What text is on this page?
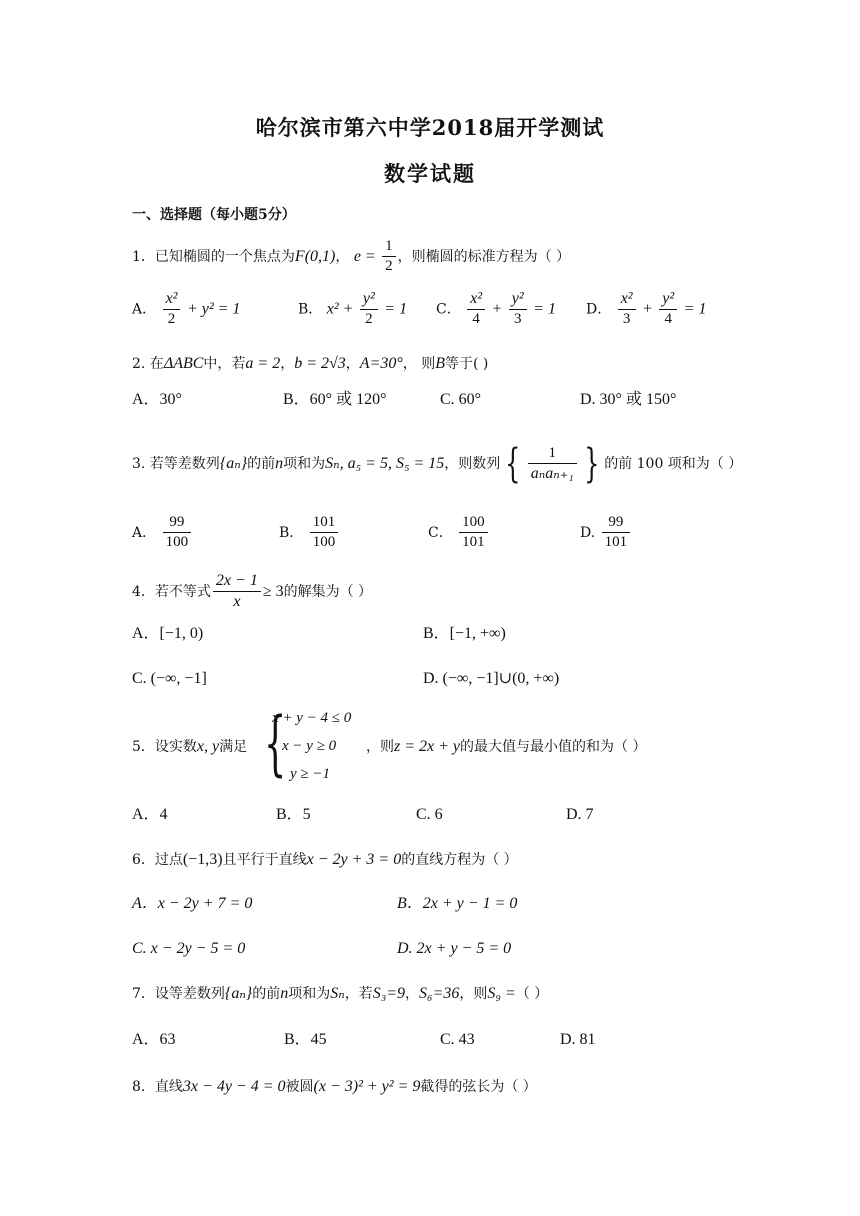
哈尔滨市第六中学2018届开学测试
数学试题
一、选择题（每小题5分）
1．已知椭圆的一个焦点为F(0,1)， $e = \frac{1}{2}$ ，则椭圆的标准方程为（ ）
A． $\frac{\text{x²}}{2} + y^2 = 1$	B． $x^2 + \frac{\text{y²}}{2} = 1$ C． $\frac{\text{x²}}{4} + \frac{\text{y²}}{3} = 1$ D． $\frac{\text{x²}}{3} + \frac{\text{y²}}{4} = 1$
2. 在ΔABC中，若a = 2，b = 2√3，A=30°， 则B等于( )
A．30°	B．60° 或 120°	C. 60°	D. 30° 或 150°
3. 若等差数列{aₙ}的前n项和为Sₙ, a₅ = 5, S₅ = 15，则数列 { $\frac{1}{\text{aₙaₙ₊₁}}$ } 的前 100 项和为（ ）
A． $\frac{99}{100}$	B． $\frac{101}{100}$	C． $\frac{100}{101}$	D. $\frac{99}{101}$
4．若不等式 $\frac{2x - 1}{x} \ge 3$的解集为（ ）
A．[−1, 0)	B．[−1, +∞)
C. (−∞, −1]	D. (−∞, −1]∪(0, +∞)
5．设实数x, y满足 {
x + y − 4 ≤ 0
x − y ≥ 0
y ≥ −1
，则z = 2x + y的最大值与最小值的和为（ ）
A．4	B．5	C. 6	D. 7
6．过点(−1,3)且平行于直线x − 2y + 3 = 0的直线方程为（ ）
A．x − 2y + 7 = 0	B．2x + y − 1 = 0
C. x − 2y − 5 = 0	D. 2x + y − 5 = 0
7．设等差数列{aₙ}的前n项和为Sₙ，若S₃=9，S₆=36，则S₉ =（ ）
A．63	B．45	C. 43	D. 81
8．直线3x − 4y − 4 = 0被圆(x − 3)² + y² = 9截得的弦长为（ ）
